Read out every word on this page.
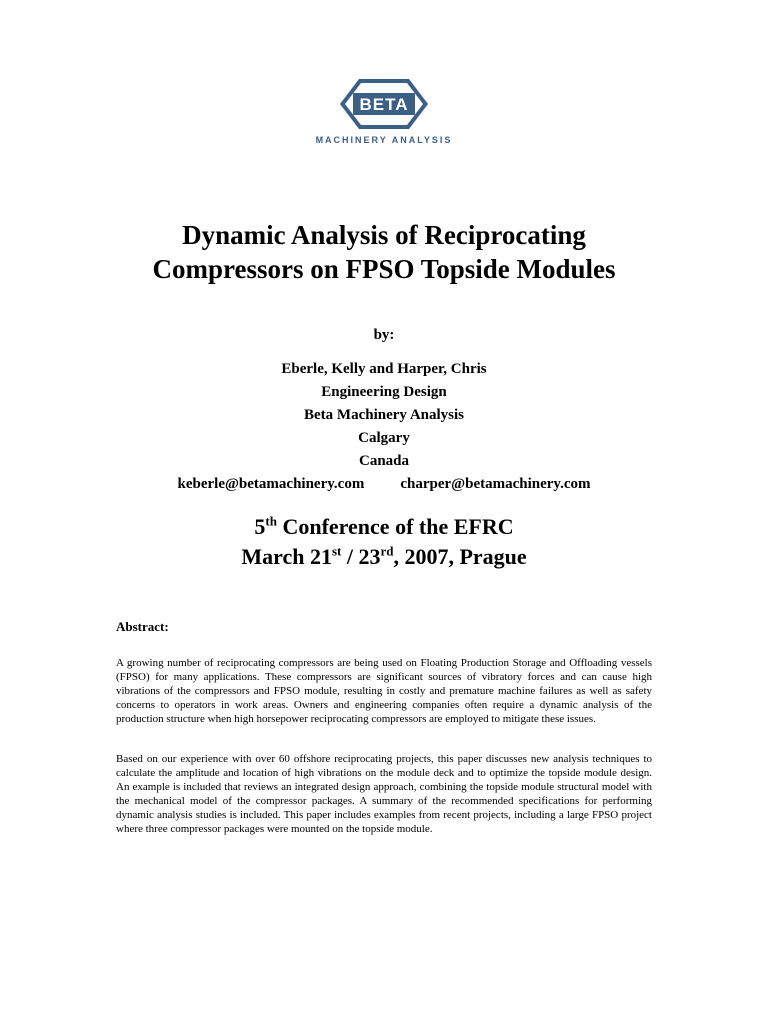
BETA
MACHINERY ANALYSIS
Dynamic Analysis of Reciprocating
Compressors on FPSO Topside Modules
by:
Eberle, Kelly and Harper, Chris
Engineering Design
Beta Machinery Analysis
Calgary
Canada
keberle@betamachinery.com charper@betamachinery.com
5th Conference of the EFRC
March 21st / 23rd, 2007, Prague
Abstract:

A growing number of reciprocating compressors are being used on Floating Production Storage and Offloading vessels (FPSO) for many applications. These compressors are significant sources of vibratory forces and can cause high vibrations of the compressors and FPSO module, resulting in costly and premature machine failures as well as safety concerns to operators in work areas. Owners and engineering companies often require a dynamic analysis of the production structure when high horsepower reciprocating compressors are employed to mitigate these issues.

Based on our experience with over 60 offshore reciprocating projects, this paper discusses new analysis techniques to calculate the amplitude and location of high vibrations on the module deck and to optimize the topside module design. An example is included that reviews an integrated design approach, combining the topside module structural model with the mechanical model of the compressor packages. A summary of the recommended specifications for performing dynamic analysis studies is included. This paper includes examples from recent projects, including a large FPSO project where three compressor packages were mounted on the topside module.
